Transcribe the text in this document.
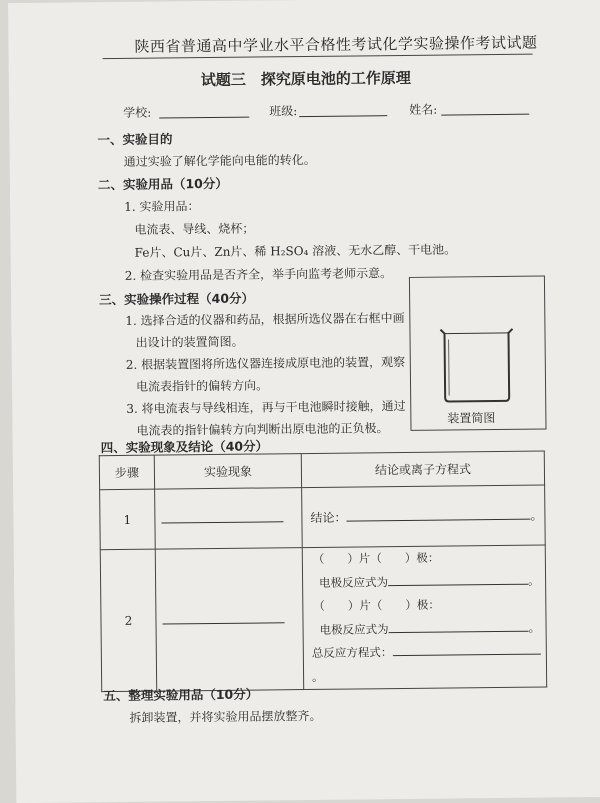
陕西省普通高中学业水平合格性考试化学实验操作考试试题
试题三　探究原电池的工作原理
学校:	班级:	姓名:
一、实验目的
通过实验了解化学能向电能的转化。
二、实验用品（10分）
1. 实验用品：
电流表、导线、烧杯；
Fe片、Cu片、Zn片、稀 H₂SO₄ 溶液、无水乙醇、干电池。
2. 检查实验用品是否齐全，举手向监考老师示意。
三、实验操作过程（40分）
1. 选择合适的仪器和药品，根据所选仪器在右框中画
出设计的装置简图。
2. 根据装置图将所选仪器连接成原电池的装置，观察
电流表指针的偏转方向。
3. 将电流表与导线相连，再与干电池瞬时接触，通过
电流表的指针偏转方向判断出原电池的正负极。
装置简图
四、实验现象及结论（40分）
步骤	实验现象	结论或离子方程式
1		结论： 。
2		（　　）片（　　）极：
电极反应式为 。
（　　）片（　　）极：
电极反应式为 。
总反应方程式：。
五、整理实验用品（10分）
拆卸装置，并将实验用品摆放整齐。
